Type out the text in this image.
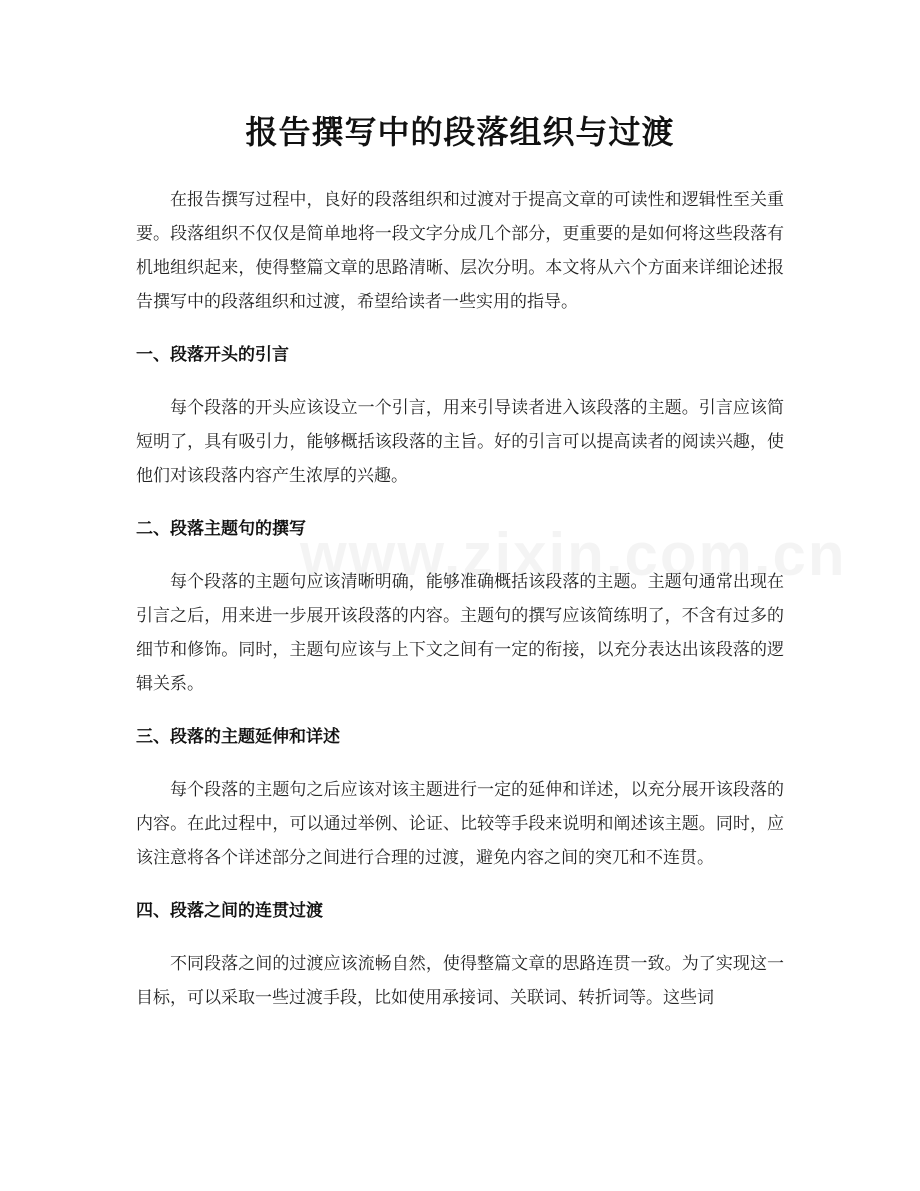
报告撰写中的段落组织与过渡

在报告撰写过程中，良好的段落组织和过渡对于提高文章的可读性和逻辑性至关重要。段落组织不仅仅是简单地将一段文字分成几个部分，更重要的是如何将这些段落有机地组织起来，使得整篇文章的思路清晰、层次分明。本文将从六个方面来详细论述报告撰写中的段落组织和过渡，希望给读者一些实用的指导。

一、段落开头的引言

每个段落的开头应该设立一个引言，用来引导读者进入该段落的主题。引言应该简短明了，具有吸引力，能够概括该段落的主旨。好的引言可以提高读者的阅读兴趣，使他们对该段落内容产生浓厚的兴趣。

二、段落主题句的撰写

每个段落的主题句应该清晰明确，能够准确概括该段落的主题。主题句通常出现在引言之后，用来进一步展开该段落的内容。主题句的撰写应该简练明了，不含有过多的细节和修饰。同时，主题句应该与上下文之间有一定的衔接，以充分表达出该段落的逻辑关系。

三、段落的主题延伸和详述

每个段落的主题句之后应该对该主题进行一定的延伸和详述，以充分展开该段落的内容。在此过程中，可以通过举例、论证、比较等手段来说明和阐述该主题。同时，应该注意将各个详述部分之间进行合理的过渡，避免内容之间的突兀和不连贯。

四、段落之间的连贯过渡

不同段落之间的过渡应该流畅自然，使得整篇文章的思路连贯一致。为了实现这一目标，可以采取一些过渡手段，比如使用承接词、关联词、转折词等。这些词
